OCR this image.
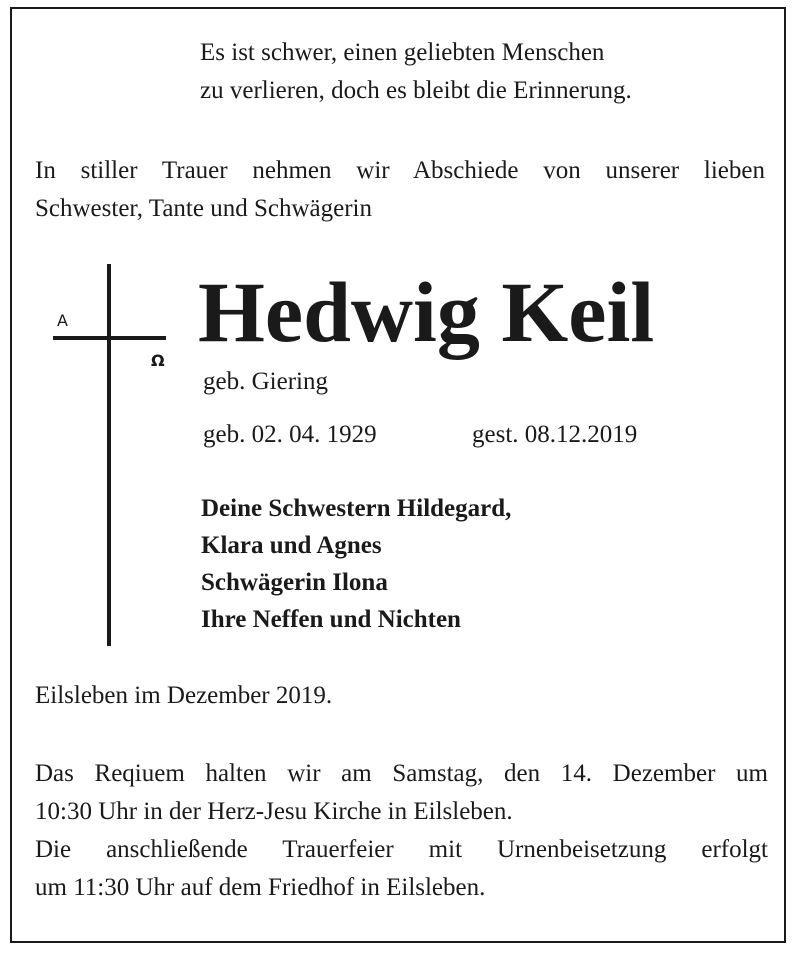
Es ist schwer, einen geliebten Menschen
zu verlieren, doch es bleibt die Erinnerung.
In stiller Trauer nehmen wir Abschiede von unserer lieben
Schwester, Tante und Schwägerin
A
Ω
Hedwig Keil
geb. Giering
geb. 02. 04. 1929	gest. 08.12.2019
Deine Schwestern Hildegard,
Klara und Agnes
Schwägerin Ilona
Ihre Neffen und Nichten
Eilsleben im Dezember 2019.
Das Reqiuem halten wir am Samstag, den 14. Dezember um
10:30 Uhr in der Herz-Jesu Kirche in Eilsleben.
Die anschließende Trauerfeier mit Urnenbeisetzung erfolgt
um 11:30 Uhr auf dem Friedhof in Eilsleben.
